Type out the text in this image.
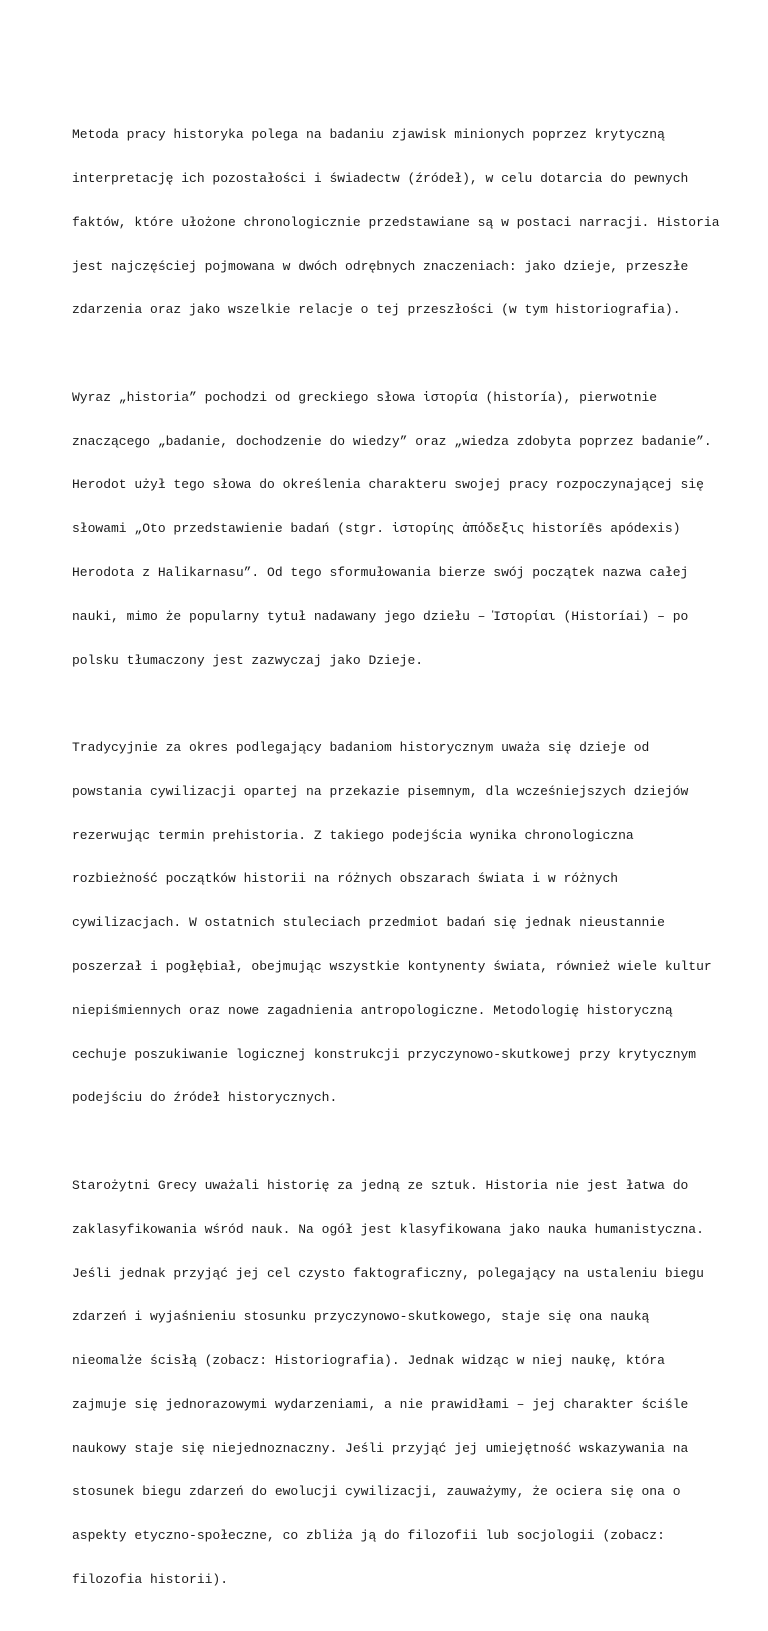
Metoda pracy historyka polega na badaniu zjawisk minionych poprzez krytyczną

interpretację ich pozostałości i świadectw (źródeł), w celu dotarcia do pewnych

faktów, które ułożone chronologicznie przedstawiane są w postaci narracji. Historia

jest najczęściej pojmowana w dwóch odrębnych znaczeniach: jako dzieje, przeszłe

zdarzenia oraz jako wszelkie relacje o tej przeszłości (w tym historiografia).

Wyraz „historia” pochodzi od greckiego słowa ἱστορία (historía), pierwotnie

znaczącego „badanie, dochodzenie do wiedzy” oraz „wiedza zdobyta poprzez badanie”.

Herodot użył tego słowa do określenia charakteru swojej pracy rozpoczynającej się

słowami „Oto przedstawienie badań (stgr. ἱστορίης ἀπόδεξις historíēs apódexis)

Herodota z Halikarnasu”. Od tego sformułowania bierze swój początek nazwa całej

nauki, mimo że popularny tytuł nadawany jego dziełu – Ἱστορίαι (Historíai) – po

polsku tłumaczony jest zazwyczaj jako Dzieje.

Tradycyjnie za okres podlegający badaniom historycznym uważa się dzieje od

powstania cywilizacji opartej na przekazie pisemnym, dla wcześniejszych dziejów

rezerwując termin prehistoria. Z takiego podejścia wynika chronologiczna

rozbieżność początków historii na różnych obszarach świata i w różnych

cywilizacjach. W ostatnich stuleciach przedmiot badań się jednak nieustannie

poszerzał i pogłębiał, obejmując wszystkie kontynenty świata, również wiele kultur

niepiśmiennych oraz nowe zagadnienia antropologiczne. Metodologię historyczną

cechuje poszukiwanie logicznej konstrukcji przyczynowo-skutkowej przy krytycznym

podejściu do źródeł historycznych.

Starożytni Grecy uważali historię za jedną ze sztuk. Historia nie jest łatwa do

zaklasyfikowania wśród nauk. Na ogół jest klasyfikowana jako nauka humanistyczna.

Jeśli jednak przyjąć jej cel czysto faktograficzny, polegający na ustaleniu biegu

zdarzeń i wyjaśnieniu stosunku przyczynowo-skutkowego, staje się ona nauką

nieomalże ścisłą (zobacz: Historiografia). Jednak widząc w niej naukę, która

zajmuje się jednorazowymi wydarzeniami, a nie prawidłami – jej charakter ściśle

naukowy staje się niejednoznaczny. Jeśli przyjąć jej umiejętność wskazywania na

stosunek biegu zdarzeń do ewolucji cywilizacji, zauważymy, że ociera się ona o

aspekty etyczno-społeczne, co zbliża ją do filozofii lub socjologii (zobacz:

filozofia historii).
